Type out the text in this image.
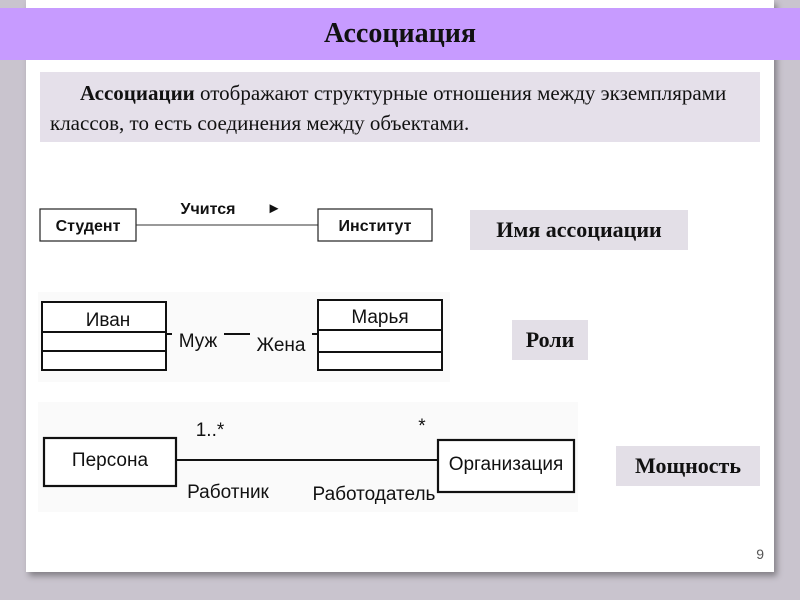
Ассоциация
Ассоциации отображают структурные отношения между экземплярами классов, то есть соединения между объектами.
Студент	Институт
Учится ►
Имя ассоциации
Иван	Марья
Муж Жена	Роли
Персона	Организация
1..*	*
Работник Работодатель
Мощность
9
